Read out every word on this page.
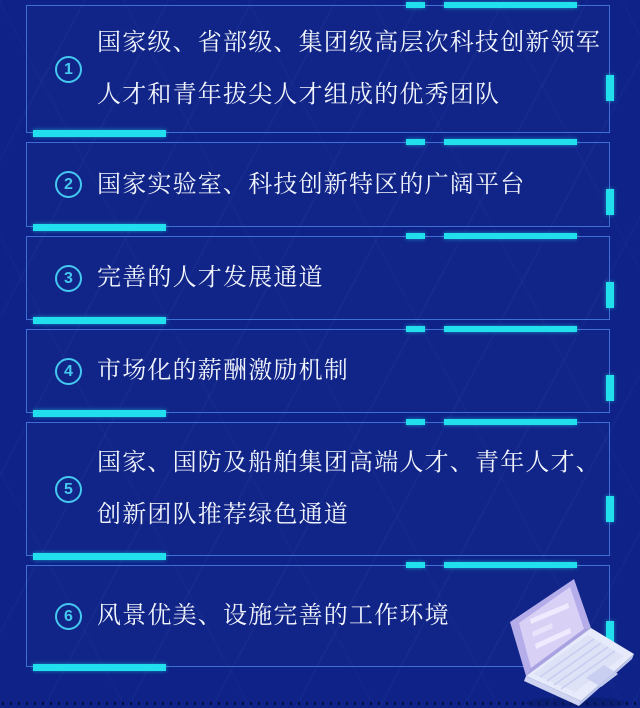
1

国家级、省部级、集团级高层次科技创新领军人才和青年拔尖人才组成的优秀团队

2	国家实验室、科技创新特区的广阔平台

3	完善的人才发展通道

4	市场化的薪酬激励机制

5

国家、国防及船舶集团高端人才、青年人才、创新团队推荐绿色通道

6	风景优美、设施完善的工作环境
